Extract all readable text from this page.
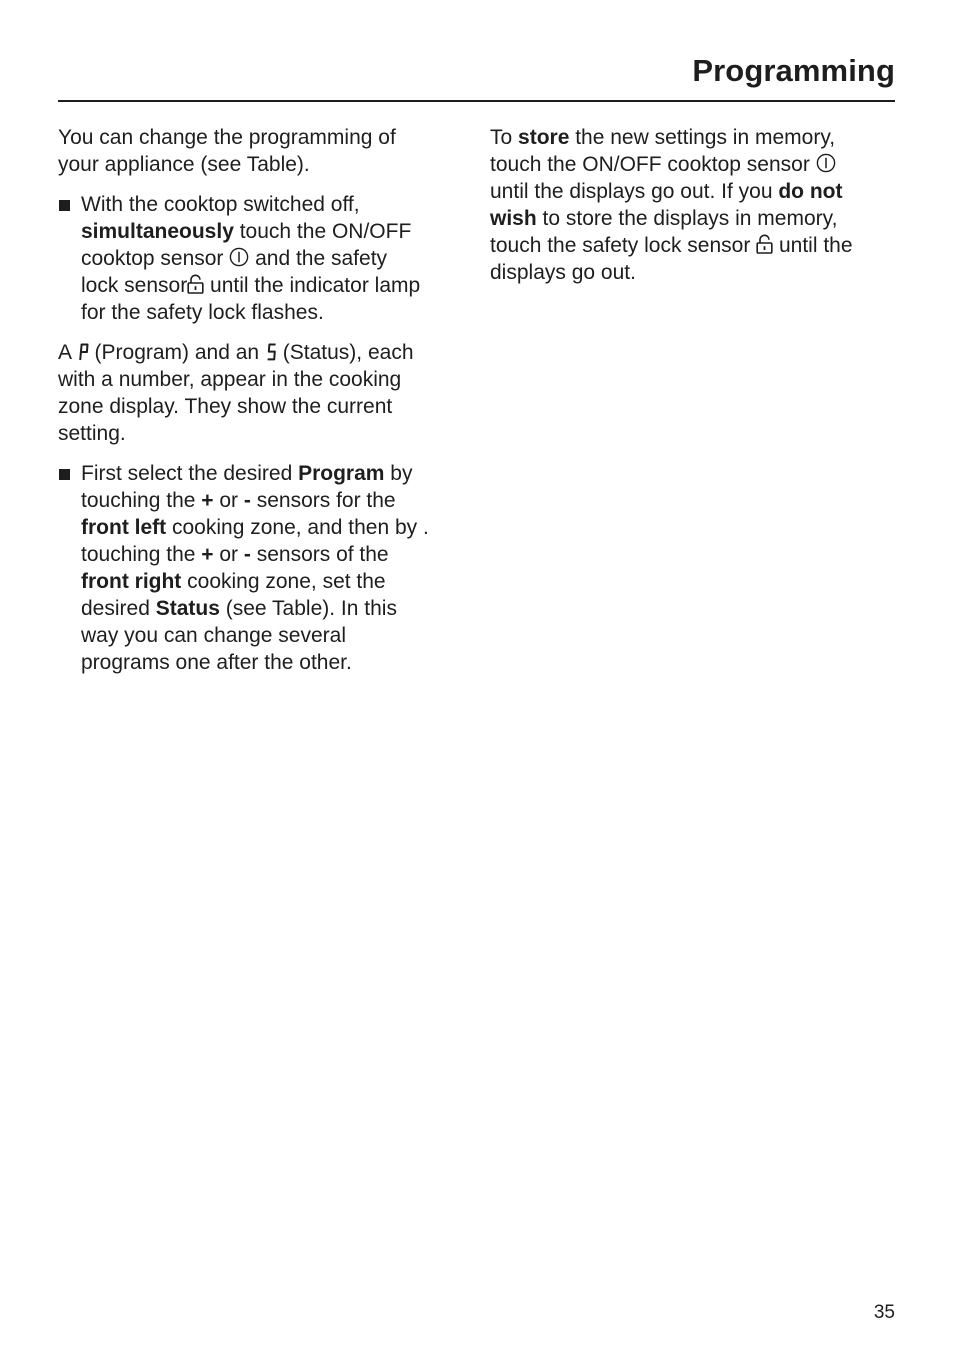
Programming

You can change the programming of
your appliance (see Table).

With the cooktop switched off,
simultaneously touch the ON/OFF
cooktop sensor  and the safety
lock sensor until the indicator lamp
for the safety lock flashes.

A  (Program) and an  (Status), each
with a number, appear in the cooking
zone display. They show the current
setting.

First select the desired Program by
touching the + or - sensors for the
front left cooking zone, and then by .
touching the + or - sensors of the
front right cooking zone, set the
desired Status (see Table). In this
way you can change several
programs one after the other.

To store the new settings in memory,
touch the ON/OFF cooktop sensor
until the displays go out. If you do not
wish to store the displays in memory,
touch the safety lock sensor  until the
displays go out.

35
